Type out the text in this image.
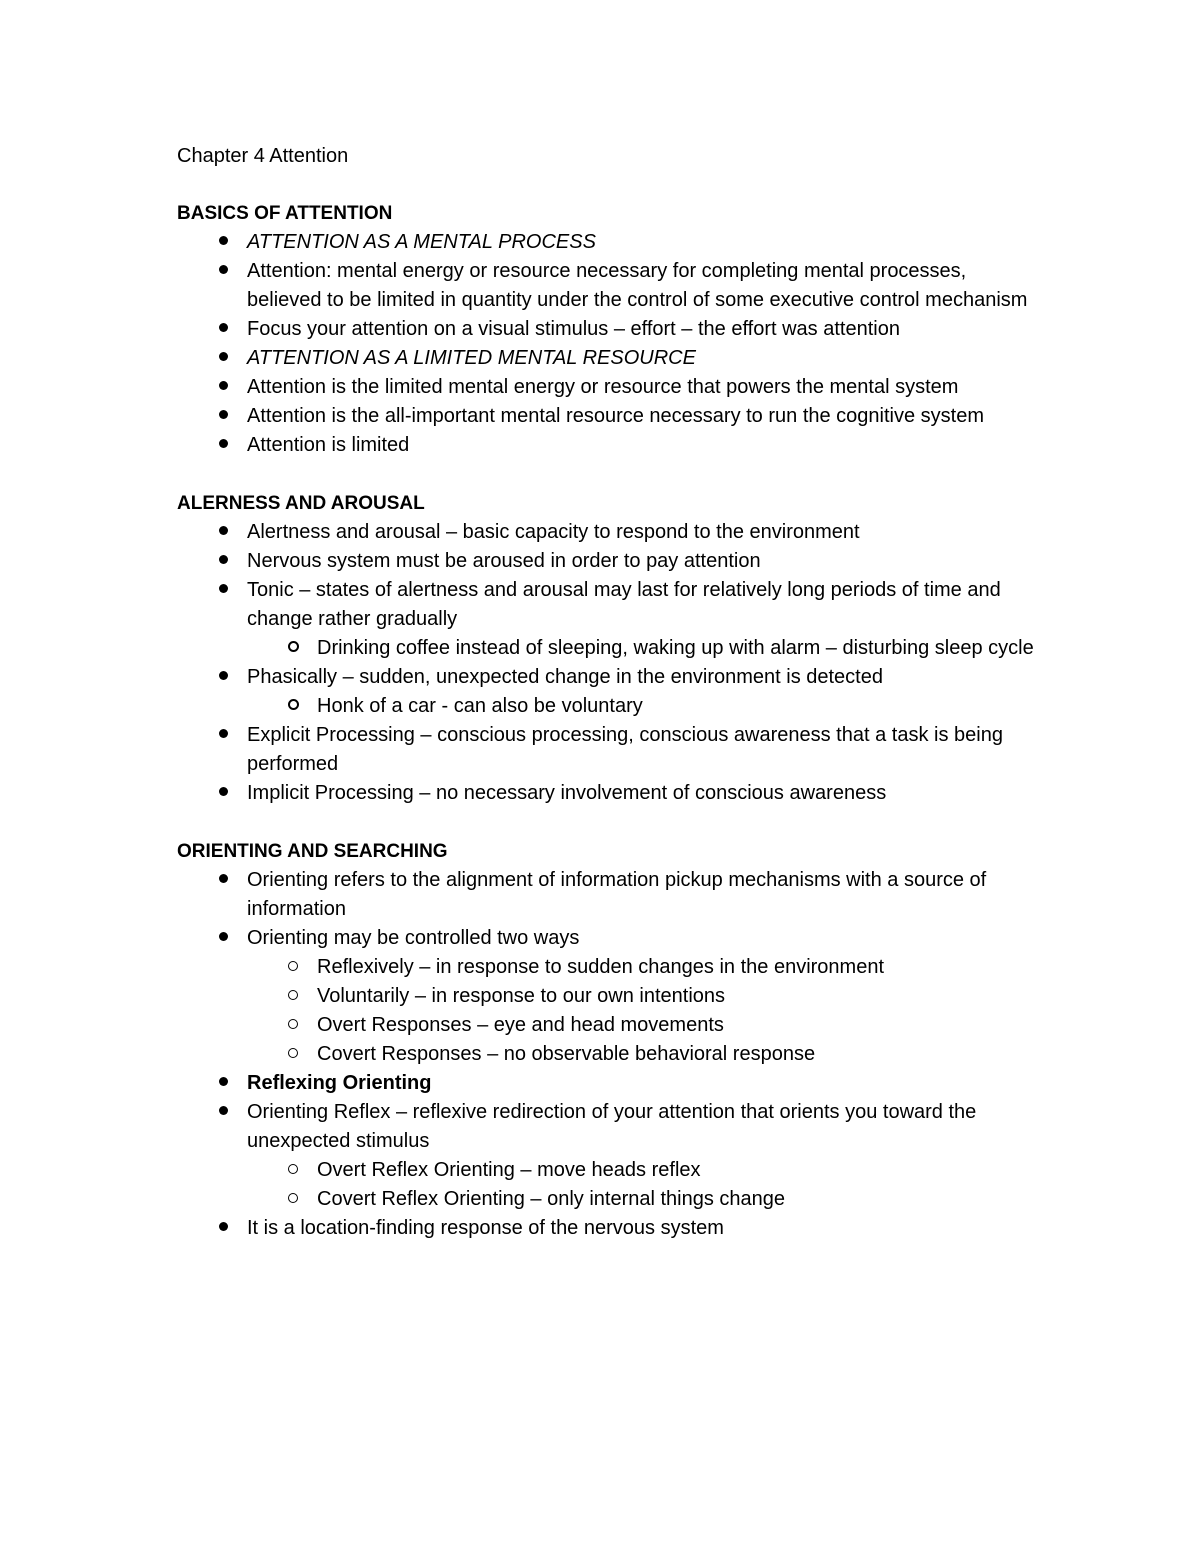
Chapter 4 Attention
BASICS OF ATTENTION
ATTENTION AS A MENTAL PROCESS
Attention: mental energy or resource necessary for completing mental processes, believed to be limited in quantity under the control of some executive control mechanism
Focus your attention on a visual stimulus – effort – the effort was attention
ATTENTION AS A LIMITED MENTAL RESOURCE
Attention is the limited mental energy or resource that powers the mental system
Attention is the all-important mental resource necessary to run the cognitive system
Attention is limited
ALERNESS AND AROUSAL
Alertness and arousal – basic capacity to respond to the environment
Nervous system must be aroused in order to pay attention
Tonic – states of alertness and arousal may last for relatively long periods of time and change rather gradually
Drinking coffee instead of sleeping, waking up with alarm – disturbing sleep cycle
Phasically – sudden, unexpected change in the environment is detected
Honk of a car - can also be voluntary
Explicit Processing – conscious processing, conscious awareness that a task is being performed
Implicit Processing – no necessary involvement of conscious awareness
ORIENTING AND SEARCHING
Orienting refers to the alignment of information pickup mechanisms with a source of information
Orienting may be controlled two ways
Reflexively – in response to sudden changes in the environment
Voluntarily – in response to our own intentions
Overt Responses – eye and head movements
Covert Responses – no observable behavioral response
Reflexing Orienting
Orienting Reflex – reflexive redirection of your attention that orients you toward the unexpected stimulus
Overt Reflex Orienting – move heads reflex
Covert Reflex Orienting – only internal things change
It is a location-finding response of the nervous system
